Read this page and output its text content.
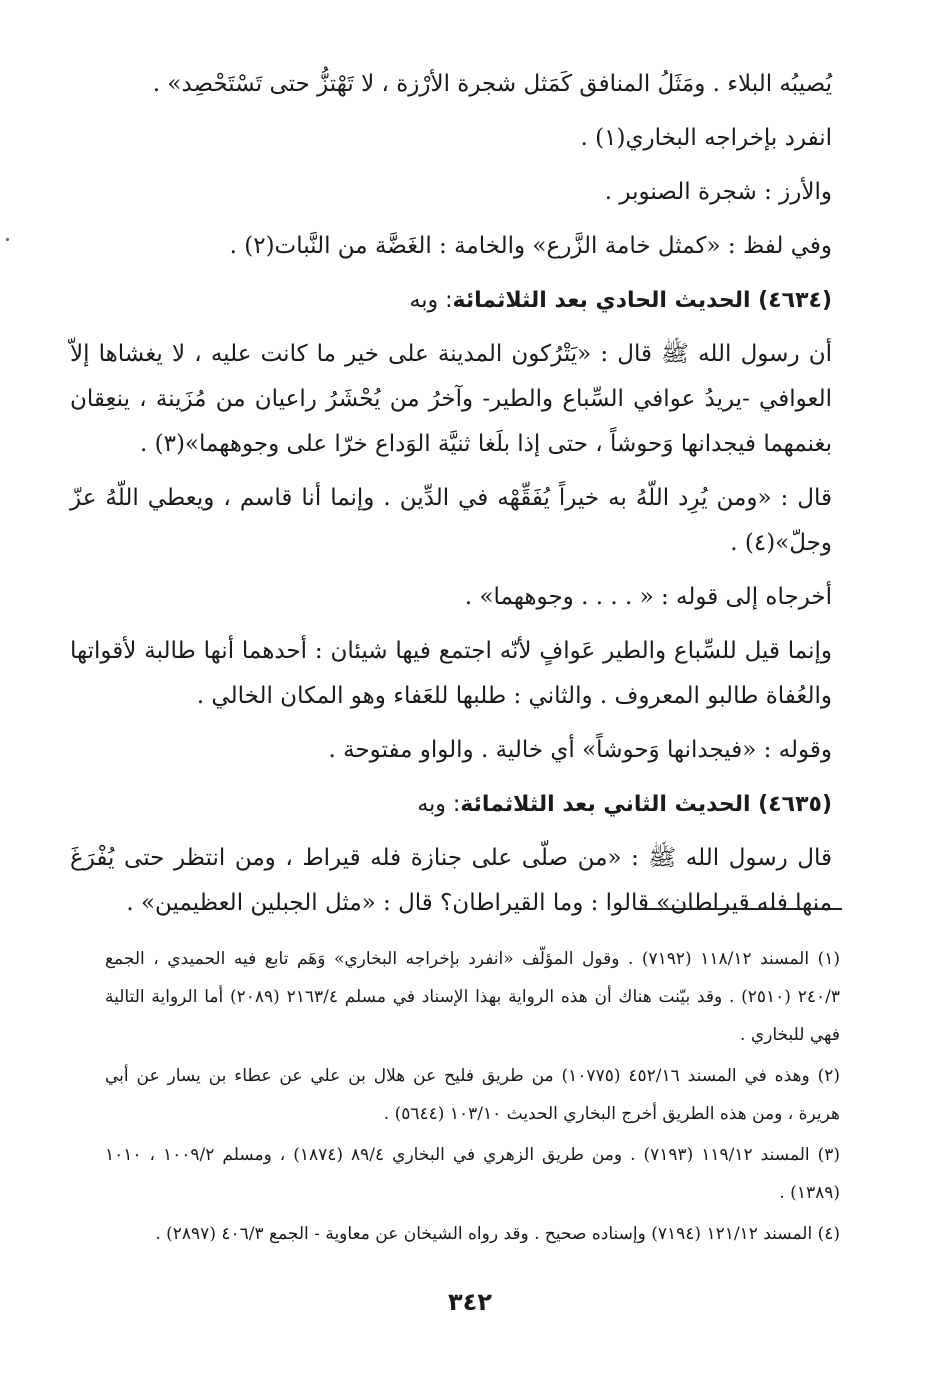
يُصيبُه البلاء . ومَثَلُ المنافق كَمَثل شجرة الأرْزة ، لا تَهْتزُّ حتى تَسْتَحْصِد» .

انفرد بإخراجه البخاري(١) .

والأرز : شجرة الصنوبر .

وفي لفظ : «كمثل خامة الزَّرع» والخامة : الغَضَّة من النَّبات(٢) .

(٤٦٣٤) الحديث الحادي بعد الثلاثمائة: وبه

أن رسول الله ﷺ قال : «يَتْرُكون المدينة على خير ما كانت عليه ، لا يغشاها إلاّ العوافي -يريدُ عوافي السِّباع والطير- وآخرُ من يُحْشَرُ راعيان من مُزَينة ، ينعِقان بغنمهما فيجدانها وَحوشاً ، حتى إذا بلَغا ثنيَّة الوَداع خرّا على وجوههما»(٣) .

قال : «ومن يُرِد اللّهُ به خيراً يُفَقِّهْه في الدِّين . وإنما أنا قاسم ، ويعطي اللّهُ عزّ وجلّ»(٤) .

أخرجاه إلى قوله : « . . . . وجوههما» .

وإنما قيل للسِّباع والطير عَوافٍ لأنّه اجتمع فيها شيئان : أحدهما أنها طالبة لأقواتها والعُفاة طالبو المعروف . والثاني : طلبها للعَفاء وهو المكان الخالي .

وقوله : «فيجدانها وَحوشاً» أي خالية . والواو مفتوحة .

(٤٦٣٥) الحديث الثاني بعد الثلاثمائة: وبه

قال رسول الله ﷺ : «من صلّى على جنازة فله قيراط ، ومن انتظر حتى يُفْرَغَ منها فله قيراطان» قالوا : وما القيراطان؟ قال : «مثل الجبلين العظيمين» .

(١) المسند ١١٨/١٢ (٧١٩٢) . وقول المؤلّف «انفرد بإخراجه البخاري» وَهَم تابع فيه الحميدي ، الجمع ٢٤٠/٣ (٢٥١٠) . وقد بيّنت هناك أن هذه الرواية بهذا الإسناد في مسلم ٢١٦٣/٤ (٢٠٨٩) أما الرواية التالية فهي للبخاري .

(٢) وهذه في المسند ٤٥٢/١٦ (١٠٧٧٥) من طريق فليح عن هلال بن علي عن عطاء بن يسار عن أبي هريرة ، ومن هذه الطريق أخرج البخاري الحديث ١٠٣/١٠ (٥٦٤٤) .

(٣) المسند ١١٩/١٢ (٧١٩٣) . ومن طريق الزهري في البخاري ٨٩/٤ (١٨٧٤) ، ومسلم ١٠٠٩/٢ ، ١٠١٠ (١٣٨٩) .

(٤) المسند ١٢١/١٢ (٧١٩٤) وإسناده صحيح . وقد رواه الشيخان عن معاوية - الجمع ٤٠٦/٣ (٢٨٩٧) .

٣٤٢
